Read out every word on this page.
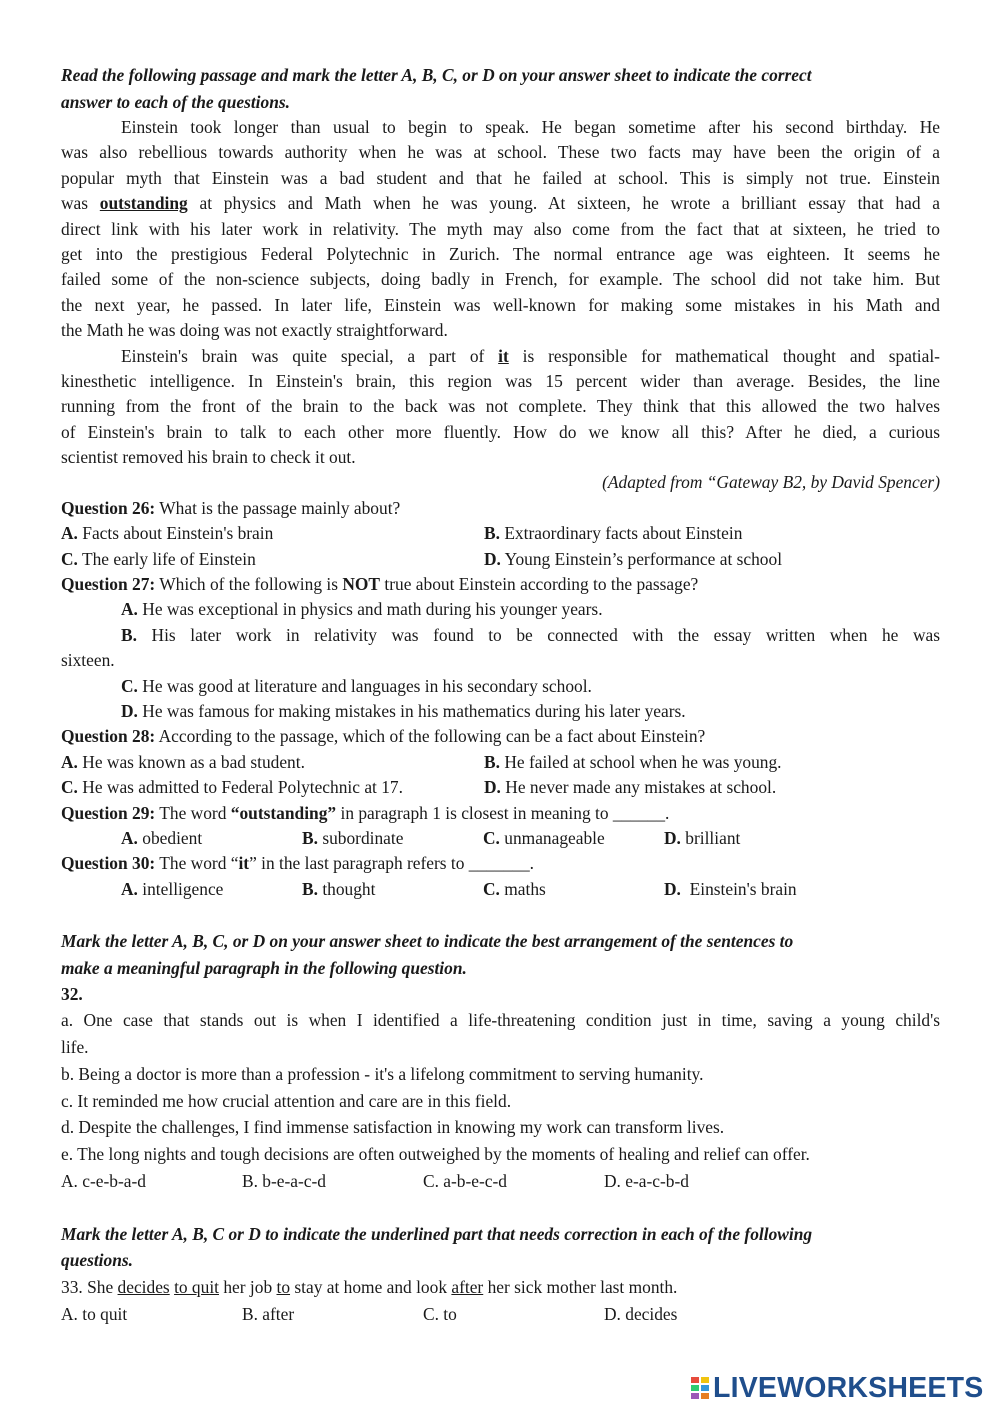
Read the following passage and mark the letter A, B, C, or D on your answer sheet to indicate the correct
answer to each of the questions.
Einstein took longer than usual to begin to speak. He began sometime after his second birthday. He
was also rebellious towards authority when he was at school. These two facts may have been the origin of a
popular myth that Einstein was a bad student and that he failed at school. This is simply not true. Einstein
was outstanding at physics and Math when he was young. At sixteen, he wrote a brilliant essay that had a
direct link with his later work in relativity. The myth may also come from the fact that at sixteen, he tried to
get into the prestigious Federal Polytechnic in Zurich. The normal entrance age was eighteen. It seems he
failed some of the non-science subjects, doing badly in French, for example. The school did not take him. But
the next year, he passed. In later life, Einstein was well-known for making some mistakes in his Math and
the Math he was doing was not exactly straightforward.
Einstein's brain was quite special, a part of it is responsible for mathematical thought and spatial-
kinesthetic intelligence. In Einstein's brain, this region was 15 percent wider than average. Besides, the line
running from the front of the brain to the back was not complete. They think that this allowed the two halves
of Einstein's brain to talk to each other more fluently. How do we know all this? After he died, a curious
scientist removed his brain to check it out.
(Adapted from “Gateway B2, by David Spencer)
Question 26: What is the passage mainly about?
A. Facts about Einstein's brain	B. Extraordinary facts about Einstein
C. The early life of Einstein	D. Young Einstein’s performance at school
Question 27: Which of the following is NOT true about Einstein according to the passage?
A. He was exceptional in physics and math during his younger years.
B. His later work in relativity was found to be connected with the essay written when he was
sixteen.
C. He was good at literature and languages in his secondary school.
D. He was famous for making mistakes in his mathematics during his later years.
Question 28: According to the passage, which of the following can be a fact about Einstein?
A. He was known as a bad student.	B. He failed at school when he was young.
C. He was admitted to Federal Polytechnic at 17.	D. He never made any mistakes at school.
Question 29: The word “outstanding” in paragraph 1 is closest in meaning to ______.
A. obedient	B. subordinate	C. unmanageable	D. brilliant
Question 30: The word “it” in the last paragraph refers to _______.
A. intelligence	B. thought	C. maths	D.  Einstein's brain
Mark the letter A, B, C, or D on your answer sheet to indicate the best arrangement of the sentences to
make a meaningful paragraph in the following question.
32.
a. One case that stands out is when I identified a life-threatening condition just in time, saving a young child's
life.
b. Being a doctor is more than a profession - it's a lifelong commitment to serving humanity.
c. It reminded me how crucial attention and care are in this field.
d. Despite the challenges, I find immense satisfaction in knowing my work can transform lives.
e. The long nights and tough decisions are often outweighed by the moments of healing and relief can offer.
A. c-e-b-a-d	B. b-e-a-c-d	C. a-b-e-c-d	D. e-a-c-b-d
Mark the letter A, B, C or D to indicate the underlined part that needs correction in each of the following
questions.
33. She decides to quit her job to stay at home and look after her sick mother last month.
A. to quit	B. after	C. to	D. decides
LIVEWORKSHEETS
